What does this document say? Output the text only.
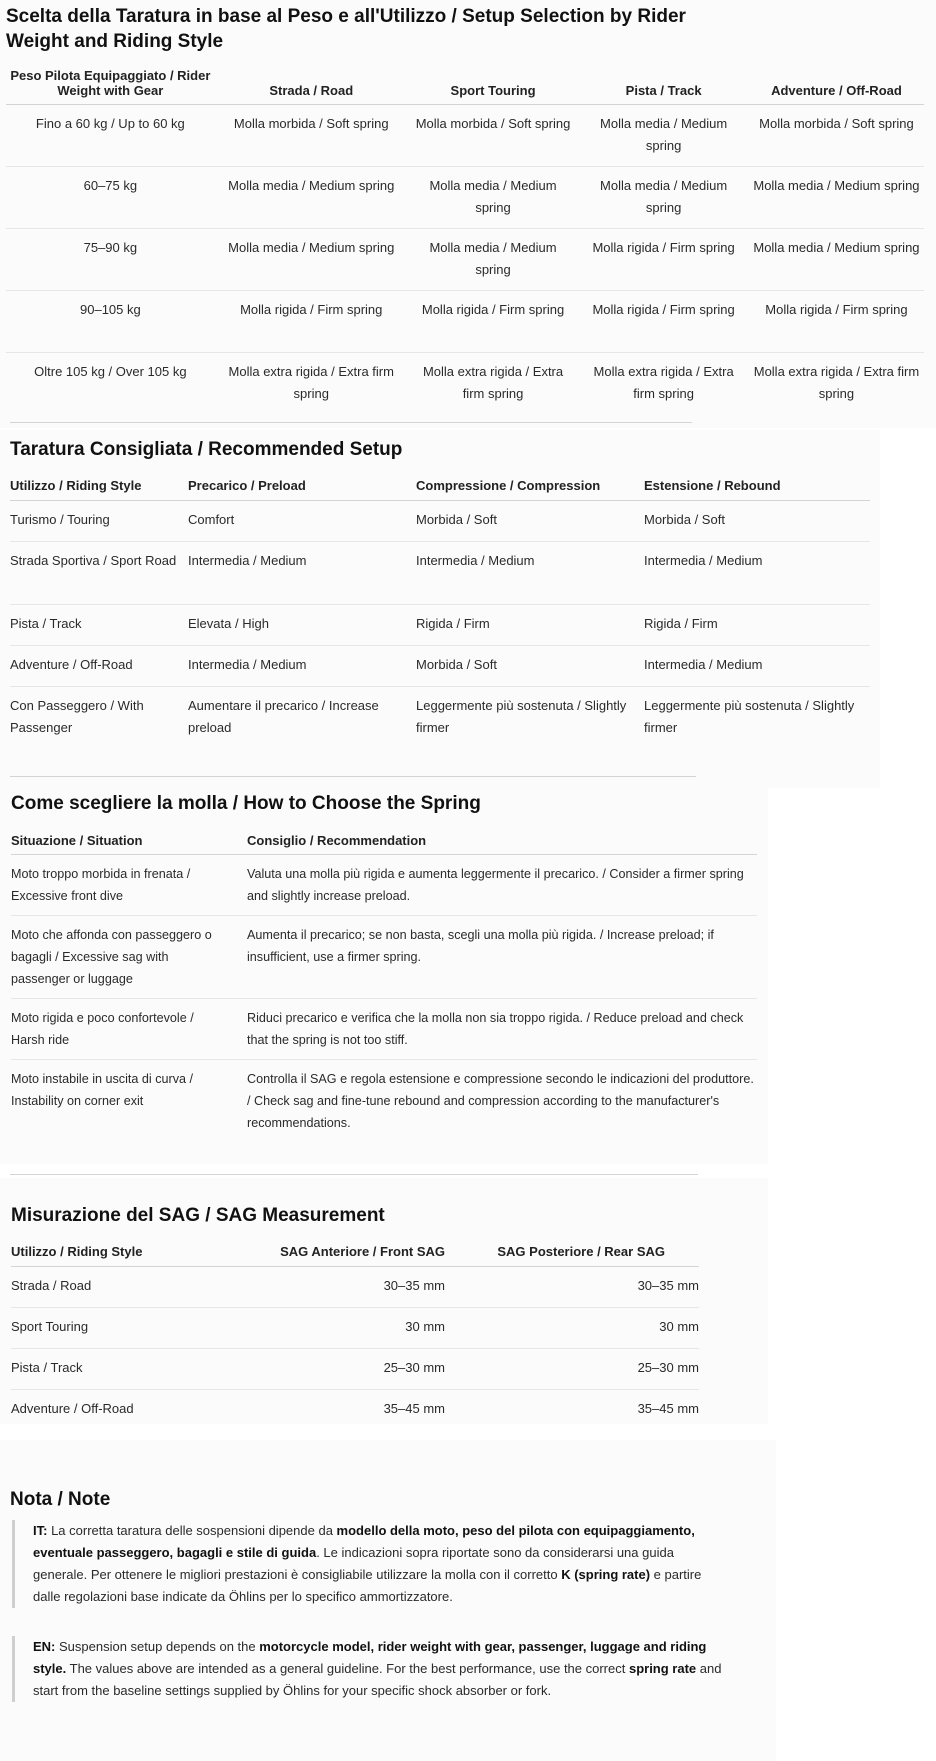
Scelta della Taratura in base al Peso e all'Utilizzo / Setup Selection by Rider Weight and Riding Style
Peso Pilota Equipaggiato / Rider Weight with Gear	Strada / Road	Sport Touring	Pista / Track	Adventure / Off-Road
Fino a 60 kg / Up to 60 kg	Molla morbida / Soft spring	Molla morbida / Soft spring	Molla media / Medium spring	Molla morbida / Soft spring
60–75 kg	Molla media / Medium spring	Molla media / Medium spring	Molla media / Medium spring	Molla media / Medium spring
75–90 kg	Molla media / Medium spring	Molla media / Medium spring	Molla rigida / Firm spring	Molla media / Medium spring
90–105 kg	Molla rigida / Firm spring	Molla rigida / Firm spring	Molla rigida / Firm spring	Molla rigida / Firm spring
Oltre 105 kg / Over 105 kg	Molla extra rigida / Extra firm spring	Molla extra rigida / Extra firm spring	Molla extra rigida / Extra firm spring	Molla extra rigida / Extra firm spring
Taratura Consigliata / Recommended Setup
Utilizzo / Riding Style	Precarico / Preload	Compressione / Compression	Estensione / Rebound
Turismo / Touring	Comfort	Morbida / Soft	Morbida / Soft
Strada Sportiva / Sport Road	Intermedia / Medium	Intermedia / Medium	Intermedia / Medium
Pista / Track	Elevata / High	Rigida / Firm	Rigida / Firm
Adventure / Off-Road	Intermedia / Medium	Morbida / Soft	Intermedia / Medium
Con Passeggero / With Passenger	Aumentare il precarico / Increase preload	Leggermente più sostenuta / Slightly firmer	Leggermente più sostenuta / Slightly firmer
Come scegliere la molla / How to Choose the Spring
Situazione / Situation	Consiglio / Recommendation
Moto troppo morbida in frenata / Excessive front dive	Valuta una molla più rigida e aumenta leggermente il precarico. / Consider a firmer spring and slightly increase preload.
Moto che affonda con passeggero o bagagli / Excessive sag with passenger or luggage	Aumenta il precarico; se non basta, scegli una molla più rigida. / Increase preload; if insufficient, use a firmer spring.
Moto rigida e poco confortevole / Harsh ride	Riduci precarico e verifica che la molla non sia troppo rigida. / Reduce preload and check that the spring is not too stiff.
Moto instabile in uscita di curva / Instability on corner exit	Controlla il SAG e regola estensione e compressione secondo le indicazioni del produttore. / Check sag and fine-tune rebound and compression according to the manufacturer's recommendations.
Misurazione del SAG / SAG Measurement
Utilizzo / Riding Style	SAG Anteriore / Front SAG	SAG Posteriore / Rear SAG
Strada / Road	30–35 mm	30–35 mm
Sport Touring	30 mm	30 mm
Pista / Track	25–30 mm	25–30 mm
Adventure / Off-Road	35–45 mm	35–45 mm
Nota / Note
IT: La corretta taratura delle sospensioni dipende da modello della moto, peso del pilota con equipaggiamento, eventuale passeggero, bagagli e stile di guida. Le indicazioni sopra riportate sono da considerarsi una guida generale. Per ottenere le migliori prestazioni è consigliabile utilizzare la molla con il corretto K (spring rate) e partire dalle regolazioni base indicate da Öhlins per lo specifico ammortizzatore.
EN: Suspension setup depends on the motorcycle model, rider weight with gear, passenger, luggage and riding style. The values above are intended as a general guideline. For the best performance, use the correct spring rate and start from the baseline settings supplied by Öhlins for your specific shock absorber or fork.
